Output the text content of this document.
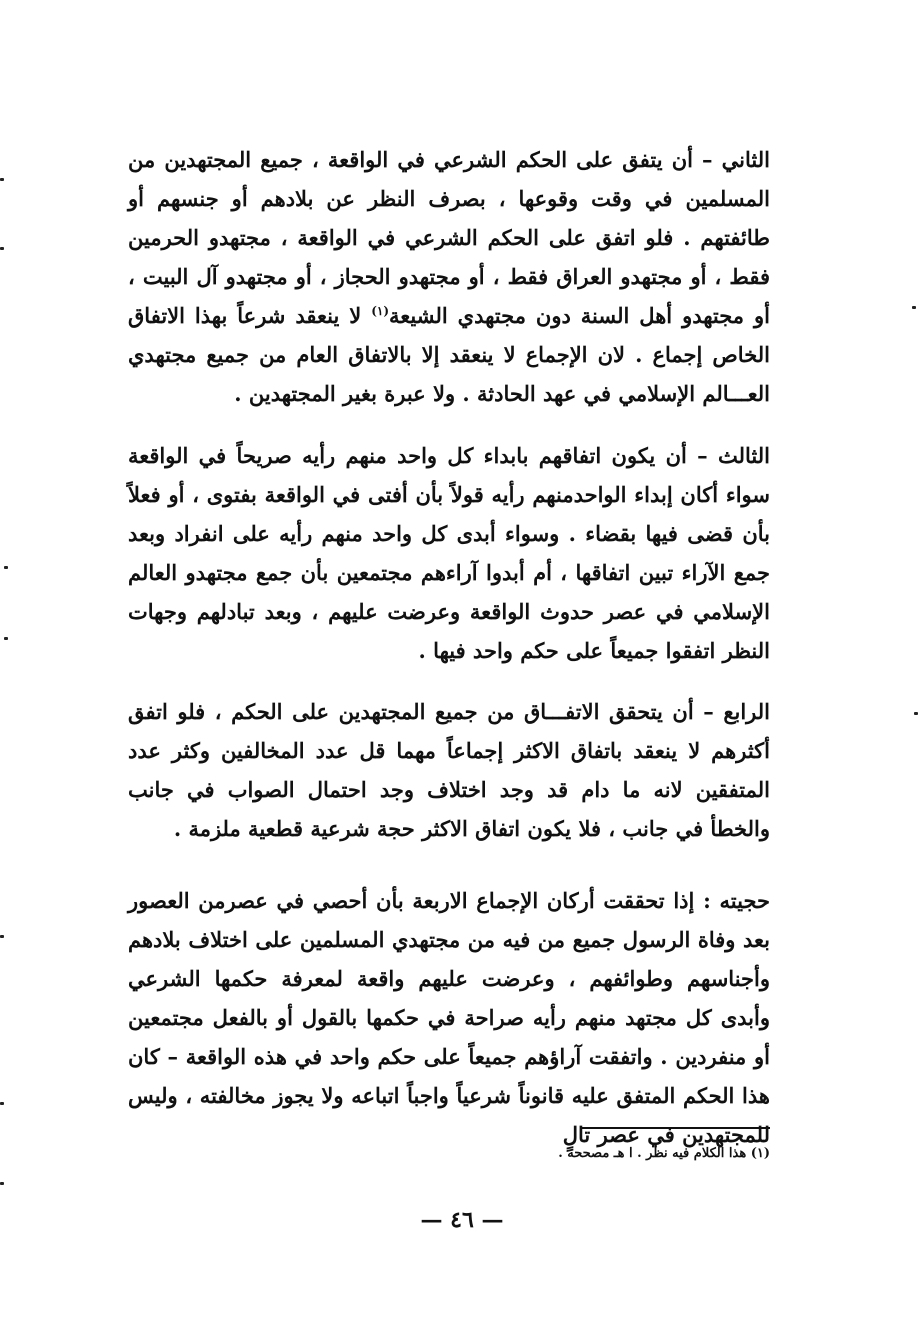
الثاني – أن يتفق على الحكم الشرعي في الواقعة ، جميع المجتهدين من المسلمين في وقت وقوعها ، بصرف النظر عن بلادهم أو جنسهم أو طائفتهم . فلو اتفق على الحكم الشرعي في الواقعة ، مجتهدو الحرمين فقط ، أو مجتهدو العراق فقط ، أو مجتهدو الحجاز ، أو مجتهدو آل البيت ، أو مجتهدو أهل السنة دون مجتهدي الشيعة$^{(١)}$ لا ينعقد شرعاً بهذا الاتفاق الخاص إجماع . لان الإجماع لا ينعقد إلا بالاتفاق العام من جميع مجتهدي العـــالم الإسلامي في عهد الحادثة . ولا عبرة بغير المجتهدين .

الثالث – أن يكون اتفاقهم بابداء كل واحد منهم رأيه صريحاً في الواقعة سواء أكان إبداء الواحدمنهم رأيه قولاً بأن أفتى في الواقعة بفتوى ، أو فعلاً بأن قضى فيها بقضاء . وسواء أبدى كل واحد منهم رأيه على انفراد وبعد جمع الآراء تبين اتفاقها ، أم أبدوا آراءهم مجتمعين بأن جمع مجتهدو العالم الإسلامي في عصر حدوث الواقعة وعرضت عليهم ، وبعد تبادلهم وجهات النظر اتفقوا جميعاً على حكم واحد فيها .

الرابع – أن يتحقق الاتفـــاق من جميع المجتهدين على الحكم ، فلو اتفق أكثرهم لا ينعقد باتفاق الاكثر إجماعاً مهما قل عدد المخالفين وكثر عدد المتفقين لانه ما دام قد وجد اختلاف وجد احتمال الصواب في جانب والخطأ في جانب ، فلا يكون اتفاق الاكثر حجة شرعية قطعية ملزمة .

حجيته : إذا تحققت أركان الإجماع الاربعة بأن أحصي في عصرمن العصور بعد وفاة الرسول جميع من فيه من مجتهدي المسلمين على اختلاف بلادهم وأجناسهم وطوائفهم ، وعرضت عليهم واقعة لمعرفة حكمها الشرعي وأبدى كل مجتهد منهم رأيه صراحة في حكمها بالقول أو بالفعل مجتمعين أو منفردين . واتفقت آراؤهم جميعاً على حكم واحد في هذه الواقعة – كان هذا الحكم المتفق عليه قانوناً شرعياً واجباً اتباعه ولا يجوز مخالفته ، وليس للمجتهدين في عصر تالٍ

(١) هذا الكلام فيه نظر . ا هـ مصححه .
— ٤٦ —
